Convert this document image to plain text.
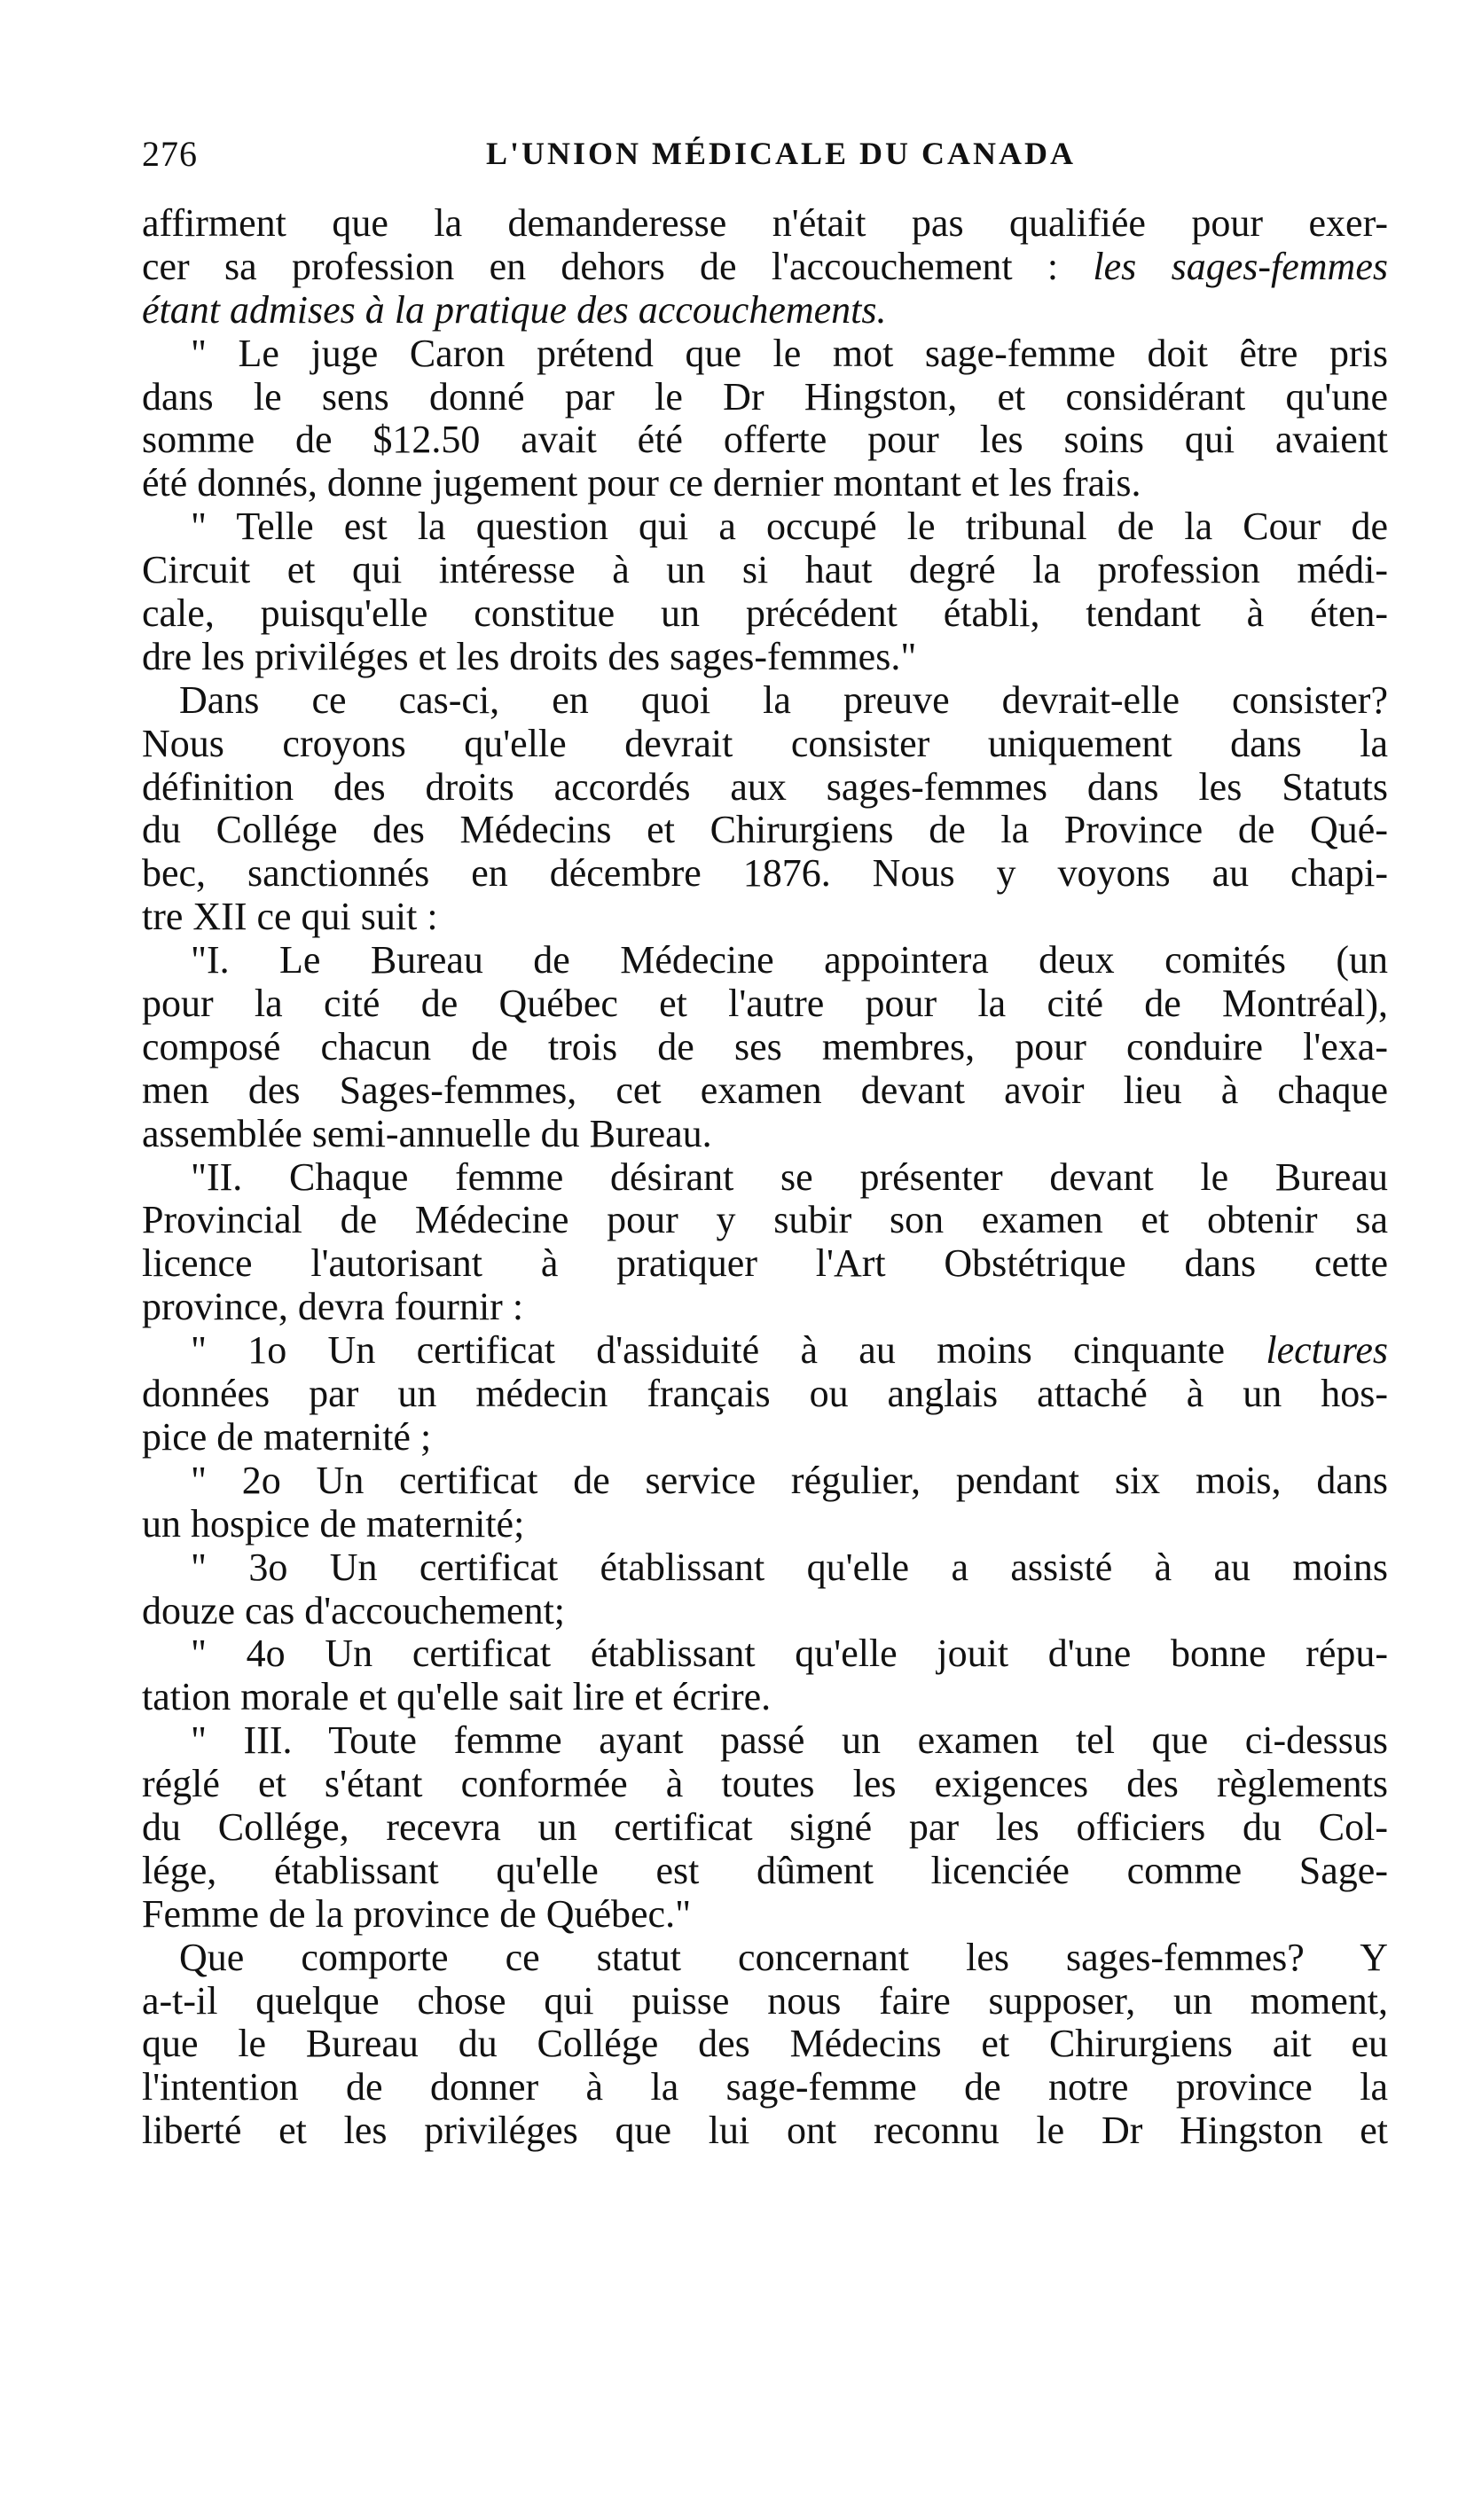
276	L'UNION MÉDICALE DU CANADA
affirment que la demanderesse n'était pas qualifiée pour exer-
cer sa profession en dehors de l'accouchement : les sages-femmes
étant admises à la pratique des accouchements.
" Le juge Caron prétend que le mot sage-femme doit être pris
dans le sens donné par le Dr Hingston, et considérant qu'une
somme de $12.50 avait été offerte pour les soins qui avaient
été donnés, donne jugement pour ce dernier montant et les frais.
" Telle est la question qui a occupé le tribunal de la Cour de
Circuit et qui intéresse à un si haut degré la profession médi-
cale, puisqu'elle constitue un précédent établi, tendant à éten-
dre les priviléges et les droits des sages-femmes."
Dans ce cas-ci, en quoi la preuve devrait-elle consister?
Nous croyons qu'elle devrait consister uniquement dans la
définition des droits accordés aux sages-femmes dans les Statuts
du Collége des Médecins et Chirurgiens de la Province de Qué-
bec, sanctionnés en décembre 1876. Nous y voyons au chapi-
tre XII ce qui suit :
"I. Le Bureau de Médecine appointera deux comités (un
pour la cité de Québec et l'autre pour la cité de Montréal),
composé chacun de trois de ses membres, pour conduire l'exa-
men des Sages-femmes, cet examen devant avoir lieu à chaque
assemblée semi-annuelle du Bureau.
"II. Chaque femme désirant se présenter devant le Bureau
Provincial de Médecine pour y subir son examen et obtenir sa
licence l'autorisant à pratiquer l'Art Obstétrique dans cette
province, devra fournir :
" 1o Un certificat d'assiduité à au moins cinquante lectures
données par un médecin français ou anglais attaché à un hos-
pice de maternité ;
" 2o Un certificat de service régulier, pendant six mois, dans
un hospice de maternité;
" 3o Un certificat établissant qu'elle a assisté à au moins
douze cas d'accouchement;
" 4o Un certificat établissant qu'elle jouit d'une bonne répu-
tation morale et qu'elle sait lire et écrire.
" III. Toute femme ayant passé un examen tel que ci-dessus
réglé et s'étant conformée à toutes les exigences des règlements
du Collége, recevra un certificat signé par les officiers du Col-
lége, établissant qu'elle est dûment licenciée comme Sage-
Femme de la province de Québec."
Que comporte ce statut concernant les sages-femmes? Y
a-t-il quelque chose qui puisse nous faire supposer, un moment,
que le Bureau du Collége des Médecins et Chirurgiens ait eu
l'intention de donner à la sage-femme de notre province la
liberté et les priviléges que lui ont reconnu le Dr Hingston et
